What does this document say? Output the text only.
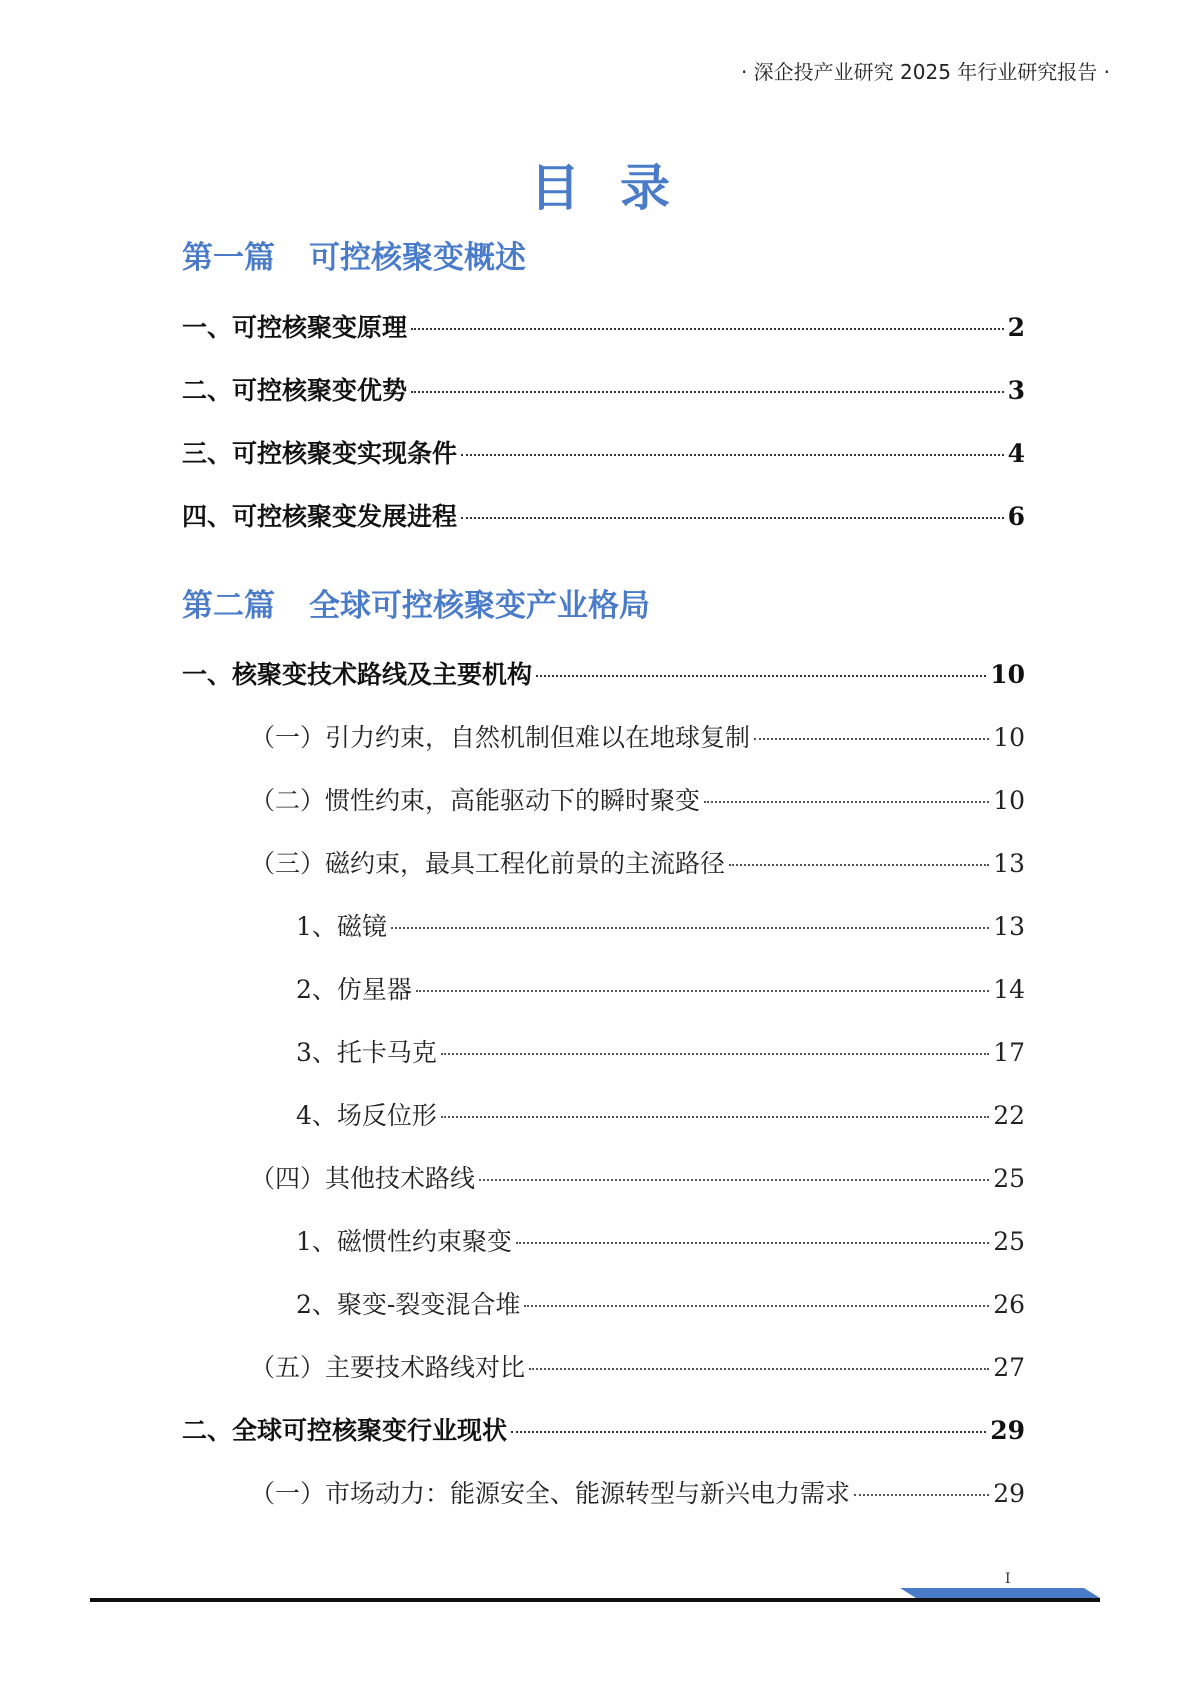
· 深企投产业研究 2025 年行业研究报告 ·
目录
第一篇 可控核聚变概述
一、可控核聚变原理	2
二、可控核聚变优势	3
三、可控核聚变实现条件	4
四、可控核聚变发展进程	6
第二篇 全球可控核聚变产业格局
一、核聚变技术路线及主要机构	10
（一）引力约束，自然机制但难以在地球复制	10
（二）惯性约束，高能驱动下的瞬时聚变	10
（三）磁约束，最具工程化前景的主流路径	13
1、磁镜	13
2、仿星器	14
3、托卡马克	17
4、场反位形	22
（四）其他技术路线	25
1、磁惯性约束聚变	25
2、聚变-裂变混合堆	26
（五）主要技术路线对比	27
二、全球可控核聚变行业现状	29
（一）市场动力：能源安全、能源转型与新兴电力需求	29
I
